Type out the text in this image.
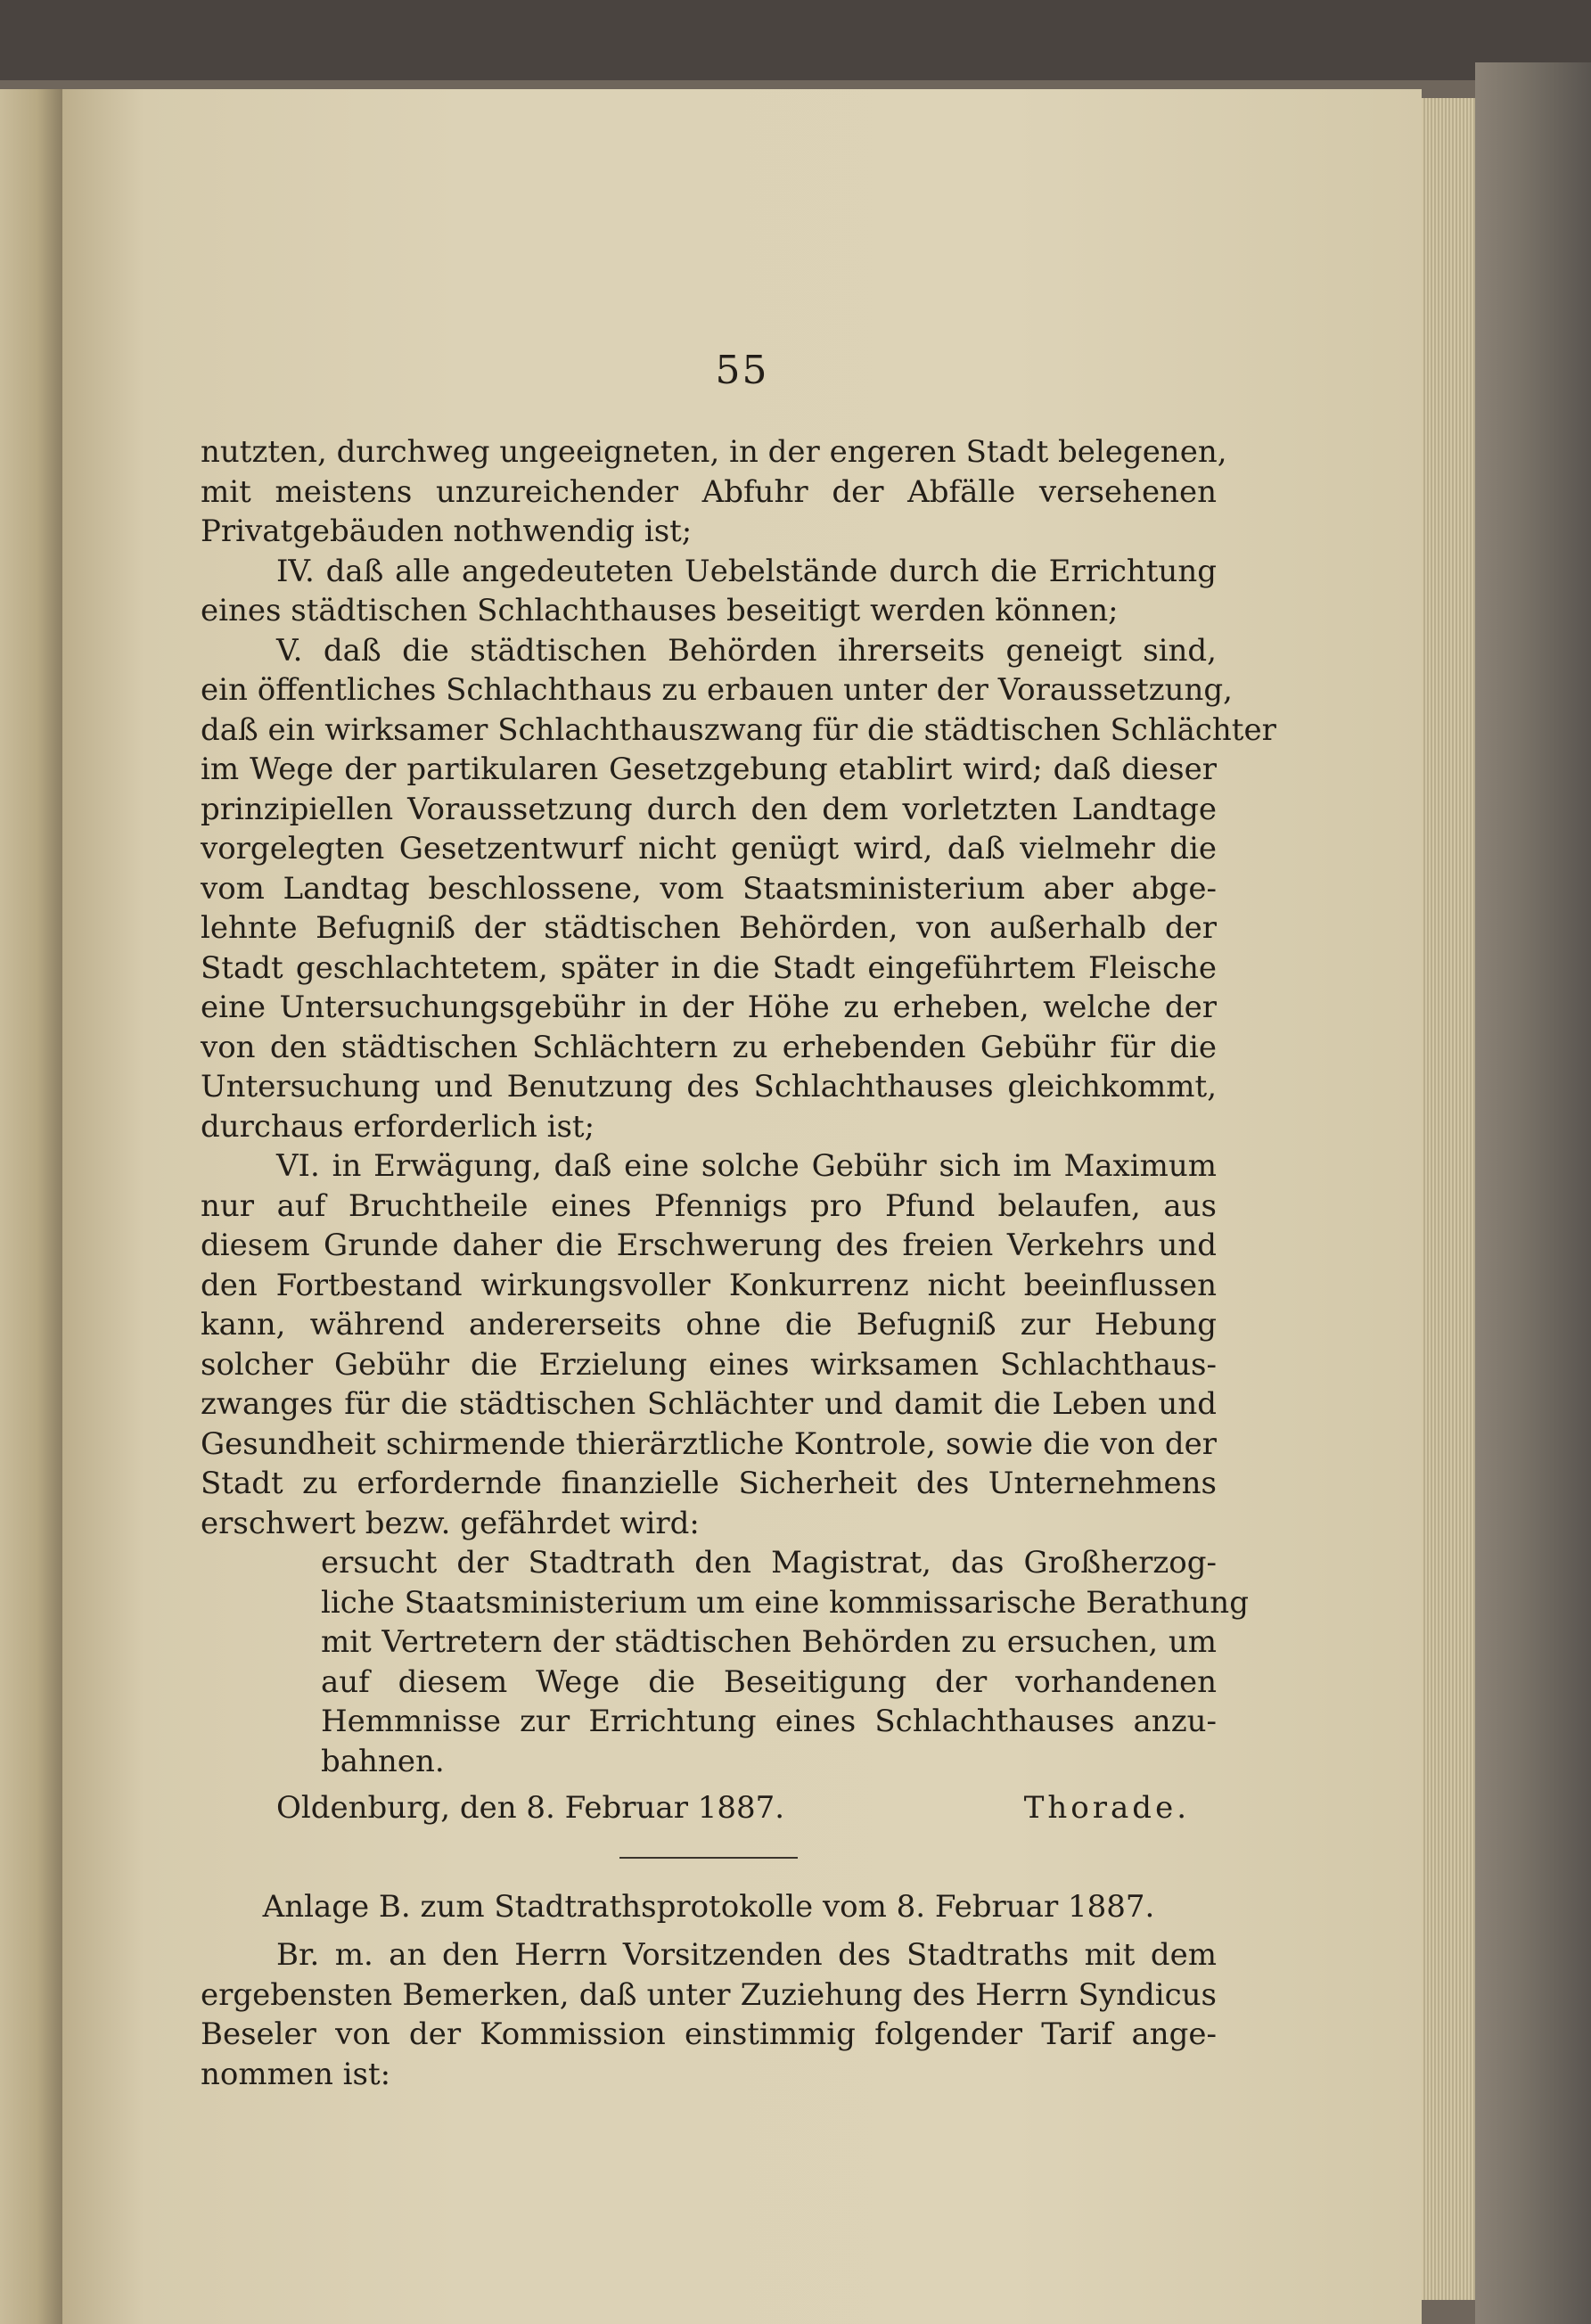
55
nutzten, durchweg ungeeigneten, in der engeren Stadt belegenen,
mit meistens unzureichender Abfuhr der Abfälle versehenen
Privatgebäuden nothwendig ist;
IV. daß alle angedeuteten Uebelstände durch die Errichtung
eines städtischen Schlachthauses beseitigt werden können;
V. daß die städtischen Behörden ihrerseits geneigt sind,
ein öffentliches Schlachthaus zu erbauen unter der Voraussetzung,
daß ein wirksamer Schlachthauszwang für die städtischen Schlächter
im Wege der partikularen Gesetzgebung etablirt wird; daß dieser
prinzipiellen Voraussetzung durch den dem vorletzten Landtage
vorgelegten Gesetzentwurf nicht genügt wird, daß vielmehr die
vom Landtag beschlossene, vom Staatsministerium aber abge-
lehnte Befugniß der städtischen Behörden, von außerhalb der
Stadt geschlachtetem, später in die Stadt eingeführtem Fleische
eine Untersuchungsgebühr in der Höhe zu erheben, welche der
von den städtischen Schlächtern zu erhebenden Gebühr für die
Untersuchung und Benutzung des Schlachthauses gleichkommt,
durchaus erforderlich ist;
VI. in Erwägung, daß eine solche Gebühr sich im Maximum
nur auf Bruchtheile eines Pfennigs pro Pfund belaufen, aus
diesem Grunde daher die Erschwerung des freien Verkehrs und
den Fortbestand wirkungsvoller Konkurrenz nicht beeinflussen
kann, während andererseits ohne die Befugniß zur Hebung
solcher Gebühr die Erzielung eines wirksamen Schlachthaus-
zwanges für die städtischen Schlächter und damit die Leben und
Gesundheit schirmende thierärztliche Kontrole, sowie die von der
Stadt zu erfordernde finanzielle Sicherheit des Unternehmens
erschwert bezw. gefährdet wird:
ersucht der Stadtrath den Magistrat, das Großherzog-
liche Staatsministerium um eine kommissarische Berathung
mit Vertretern der städtischen Behörden zu ersuchen, um
auf diesem Wege die Beseitigung der vorhandenen
Hemmnisse zur Errichtung eines Schlachthauses anzu-
bahnen.
Oldenburg, den 8. Februar 1887.	Thorade.
Anlage B. zum Stadtrathsprotokolle vom 8. Februar 1887.
Br. m. an den Herrn Vorsitzenden des Stadtraths mit dem
ergebensten Bemerken, daß unter Zuziehung des Herrn Syndicus
Beseler von der Kommission einstimmig folgender Tarif ange-
nommen ist:
